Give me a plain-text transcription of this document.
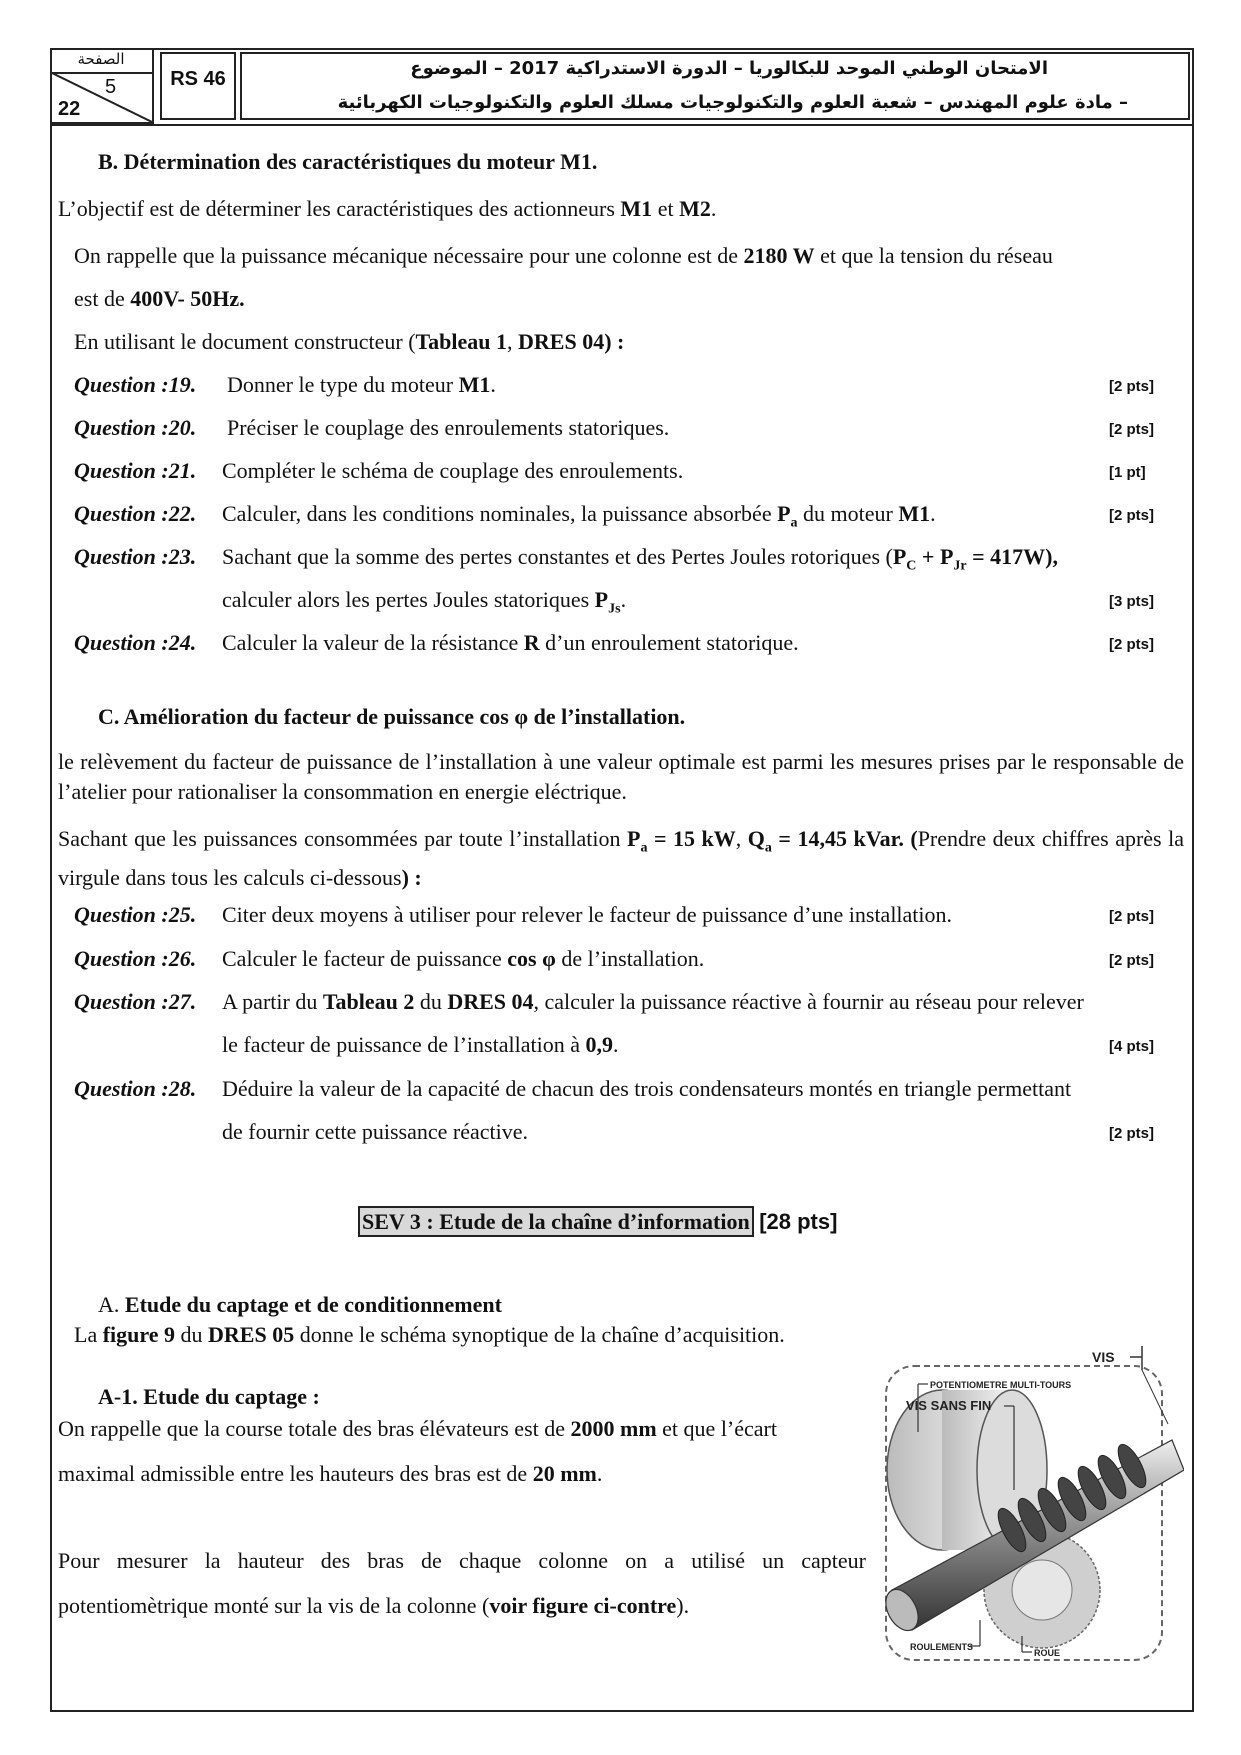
الصفحة
5
22
RS 46	الامتحان الوطني الموحد للبكالوريا – الدورة الاستدراكية 2017 – الموضوع
– مادة علوم المهندس – شعبة العلوم والتكنولوجيات مسلك العلوم والتكنولوجيات الكهربائية
B. Détermination des caractéristiques du moteur M1.
L’objectif est de déterminer les caractéristiques des actionneurs M1 et M2.
On rappelle que la puissance mécanique nécessaire pour une colonne est de 2180 W et que la tension du réseau
est de 400V- 50Hz.
En utilisant le document constructeur (Tableau 1, DRES 04) :
Question :19. Donner le type du moteur M1.	[2 pts]
Question :20. Préciser le couplage des enroulements statoriques.	[2 pts]
Question :21. Compléter le schéma de couplage des enroulements.	[1 pt]
Question :22. Calculer, dans les conditions nominales, la puissance absorbée $P_a$ du moteur M1.	[2 pts]
Question :23. Sachant que la somme des pertes constantes et des Pertes Joules rotoriques $(P_C + P_{Jr} = 417W)$,
calculer alors les pertes Joules statoriques $P_{Js}$.	[3 pts]
Question :24. Calculer la valeur de la résistance R d’un enroulement statorique.	[2 pts]
C. Amélioration du facteur de puissance cos φ de l’installation.
le relèvement du facteur de puissance de l’installation à une valeur optimale est parmi les mesures prises par le responsable de l’atelier pour rationaliser la consommation en energie eléctrique.
Sachant que les puissances consommées par toute l’installation $P_a = 15$ kW, $Q_a = 14,45$ kVar. (Prendre deux chiffres après la virgule dans tous les calculs ci-dessous) :
Question :25. Citer deux moyens à utiliser pour relever le facteur de puissance d’une installation.	[2 pts]
Question :26. Calculer le facteur de puissance cos φ de l’installation.	[2 pts]
Question :27. A partir du Tableau 2 du DRES 04, calculer la puissance réactive à fournir au réseau pour relever
le facteur de puissance de l’installation à 0,9.	[4 pts]
Question :28. Déduire la valeur de la capacité de chacun des trois condensateurs montés en triangle permettant
de fournir cette puissance réactive.	[2 pts]
SEV 3 : Etude de la chaîne d’information [28 pts]
A. Etude du captage et de conditionnement
La figure 9 du DRES 05 donne le schéma synoptique de la chaîne d’acquisition.
A-1. Etude du captage :
On rappelle que la course totale des bras élévateurs est de 2000 mm et que l’écart
maximal admissible entre les hauteurs des bras est de 20 mm.
Pour mesurer la hauteur des bras de chaque colonne on a utilisé un capteur
potentiomètrique monté sur la vis de la colonne (voir figure ci-contre).
VIS
POTENTIOMETRE MULTI-TOURS
VIS SANS FIN
ROULEMENTS
ROUE
